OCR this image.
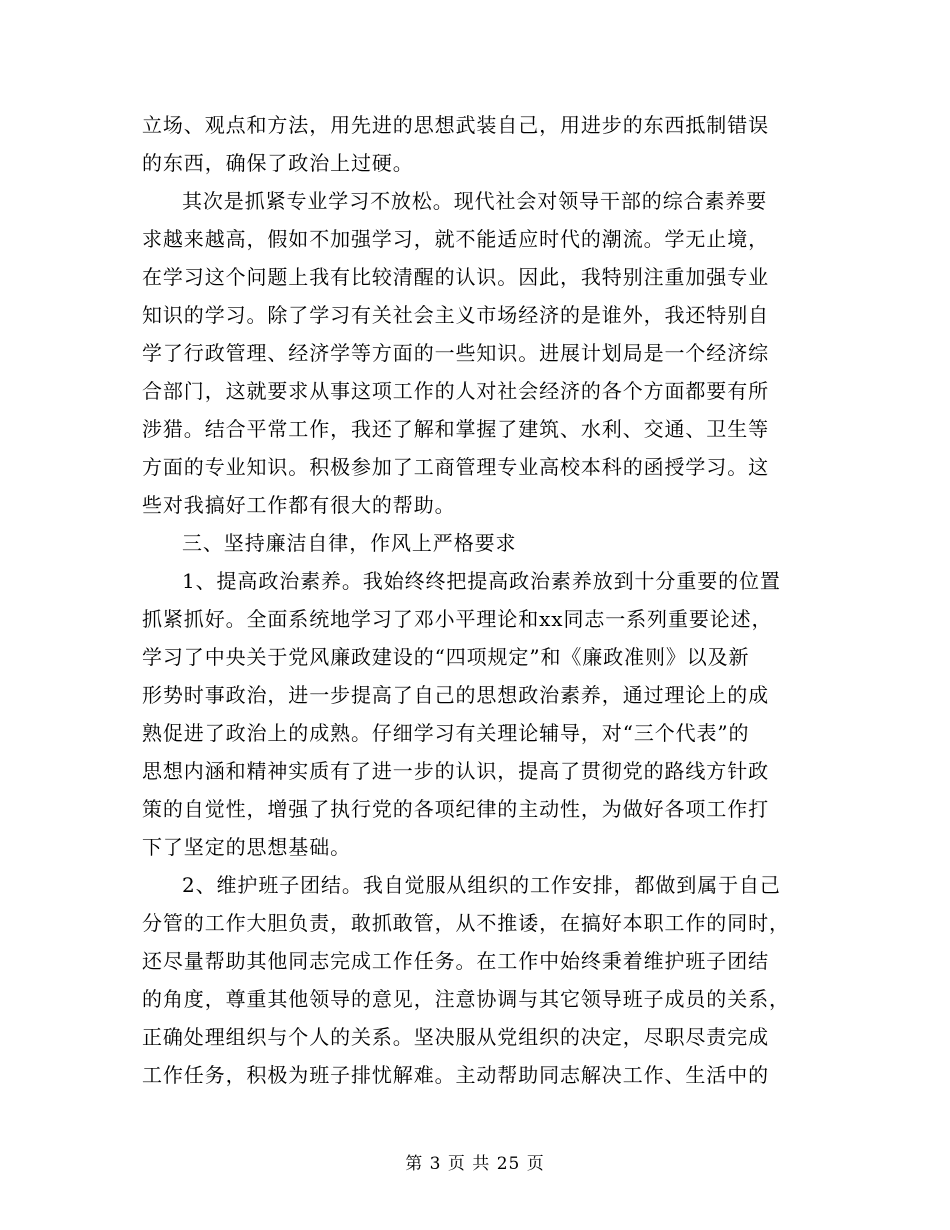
立场、观点和方法，用先进的思想武装自己，用进步的东西抵制错误
的东西，确保了政治上过硬。
其次是抓紧专业学习不放松。现代社会对领导干部的综合素养要
求越来越高，假如不加强学习，就不能适应时代的潮流。学无止境，
在学习这个问题上我有比较清醒的认识。因此，我特别注重加强专业
知识的学习。除了学习有关社会主义市场经济的是谁外，我还特别自
学了行政管理、经济学等方面的一些知识。进展计划局是一个经济综
合部门，这就要求从事这项工作的人对社会经济的各个方面都要有所
涉猎。结合平常工作，我还了解和掌握了建筑、水利、交通、卫生等
方面的专业知识。积极参加了工商管理专业高校本科的函授学习。这
些对我搞好工作都有很大的帮助。
三、坚持廉洁自律，作风上严格要求
1、提高政治素养。我始终终把提高政治素养放到十分重要的位置
抓紧抓好。全面系统地学习了邓小平理论和xx同志一系列重要论述，
学习了中央关于党风廉政建设的“四项规定”和《廉政准则》以及新
形势时事政治，进一步提高了自己的思想政治素养，通过理论上的成
熟促进了政治上的成熟。仔细学习有关理论辅导，对“三个代表”的
思想内涵和精神实质有了进一步的认识，提高了贯彻党的路线方针政
策的自觉性，增强了执行党的各项纪律的主动性，为做好各项工作打
下了坚定的思想基础。
2、维护班子团结。我自觉服从组织的工作安排，都做到属于自己
分管的工作大胆负责，敢抓敢管，从不推诿，在搞好本职工作的同时，
还尽量帮助其他同志完成工作任务。在工作中始终秉着维护班子团结
的角度，尊重其他领导的意见，注意协调与其它领导班子成员的关系，
正确处理组织与个人的关系。坚决服从党组织的决定，尽职尽责完成
工作任务，积极为班子排忧解难。主动帮助同志解决工作、生活中的
第 3 页 共 25 页
